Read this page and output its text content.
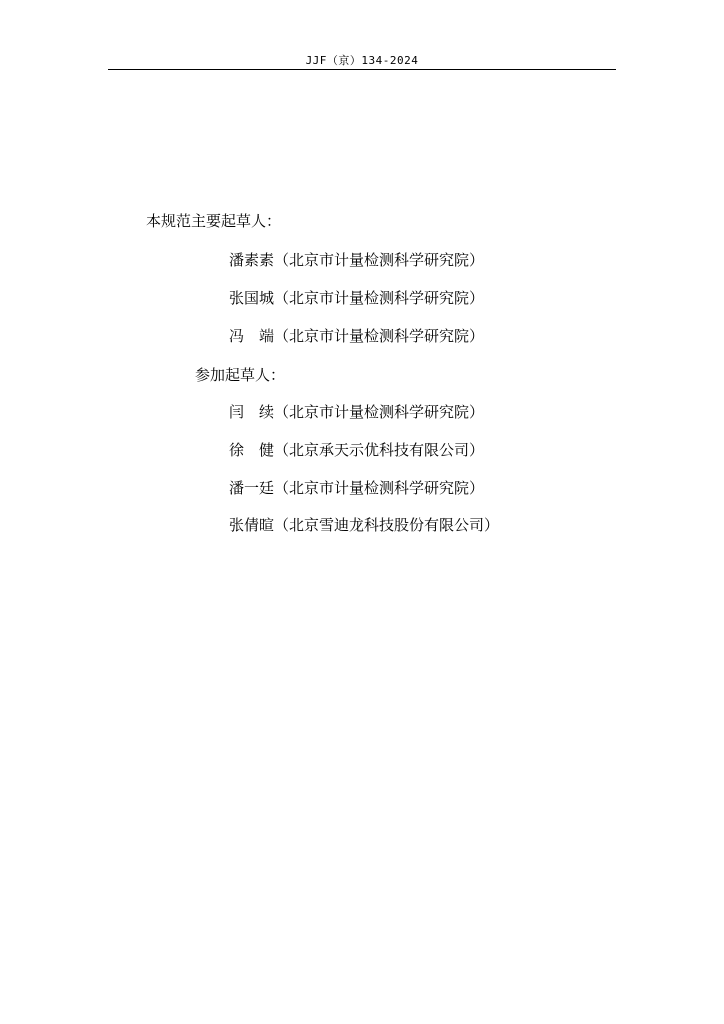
JJF（京）134-2024
本规范主要起草人：
潘素素 （北京市计量检测科学研究院）
张国城 （北京市计量检测科学研究院）
冯　端 （北京市计量检测科学研究院）
参加起草人：
闫　续 （北京市计量检测科学研究院）
徐　健 （北京承天示优科技有限公司）
潘一廷 （北京市计量检测科学研究院）
张倩暄 （北京雪迪龙科技股份有限公司）
